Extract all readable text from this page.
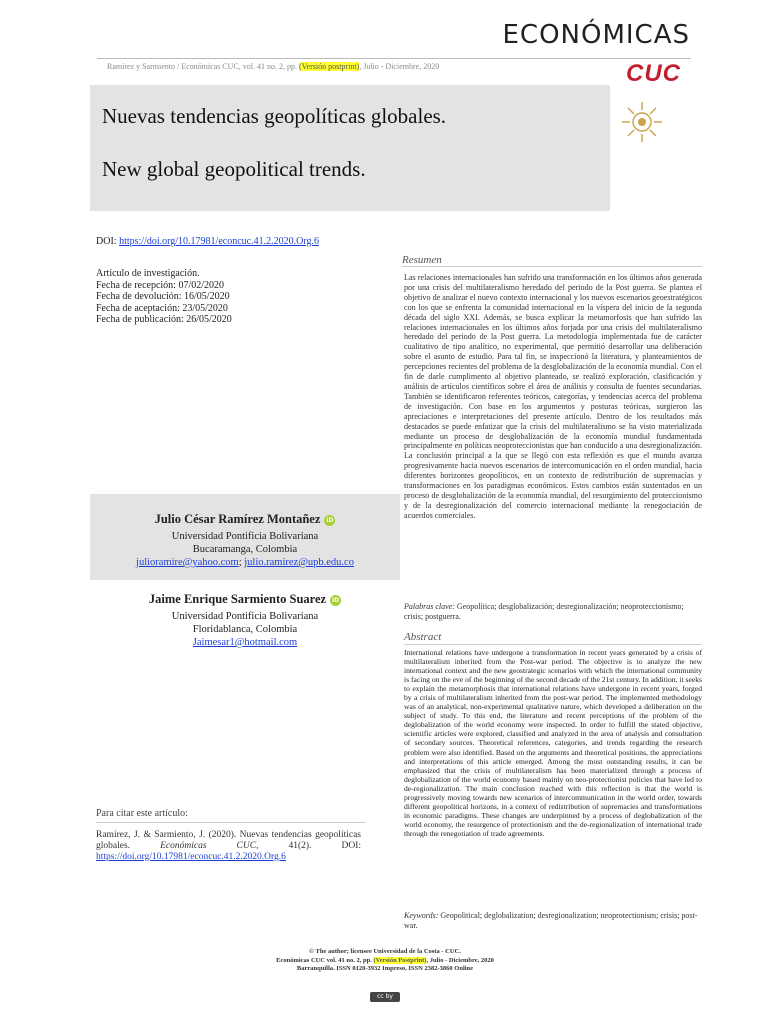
ECONÓMICAS
Ramírez y Sarmiento / Económicas CUC, vol. 41 no. 2, pp. (Versión postprint), Julio - Diciembre, 2020	CUC
Nuevas tendencias geopolíticas globales.
New global geopolitical trends.
DOI: https://doi.org/10.17981/econcuc.41.2.2020.Org.6
Artículo de investigación.
Fecha de recepción: 07/02/2020
Fecha de devolución: 16/05/2020
Fecha de aceptación: 23/05/2020
Fecha de publicación: 26/05/2020
Resumen
Las relaciones internacionales han sufrido una transformación en los últimos años generada por una crisis del multilateralismo heredado del periodo de la Post guerra. Se plantea el objetivo de analizar el nuevo contexto internacional y los nuevos escenarios geoestratégicos con los que se enfrenta la comunidad internacional en la víspera del inicio de la segunda década del siglo XXI. Además, se busca explicar la metamorfosis que han sufrido las relaciones internacionales en los últimos años forjada por una crisis del multilateralismo heredado del periodo de la Post guerra. La metodología implementada fue de carácter cualitativo de tipo analítico, no experimental, que permitió desarrollar una deliberación sobre el asunto de estudio. Para tal fin, se inspeccionó la literatura, y planteamientos de percepciones recientes del problema de la desglobalización de la economía mundial. Con el fin de darle cumplimento al objetivo planteado, se realizó exploración, clasificación y análisis de artículos científicos sobre el área de análisis y consulta de fuentes secundarias. También se identificaron referentes teóricos, categorías, y tendencias acerca del problema de investigación. Con base en los argumentos y posturas teóricas, surgieron las apreciaciones e interpretaciones del presente artículo. Dentro de los resultados más destacados se puede enfatizar que la crisis del multilateralismo se ha visto materializada mediante un proceso de desglobalización de la economía mundial fundamentada principalmente en políticas neoproteccionistas que han conducido a una desregionalización. La conclusión principal a la que se llegó con esta reflexión es que el mundo avanza progresivamente hacia nuevos escenarios de intercomunicación en el orden mundial, hacia diferentes horizontes geopolíticos, en un contexto de redistribución de supremacías y transformaciones en los paradigmas económicos. Estos cambios están sustentados en un proceso de desglobalización de la economía mundial, del resurgimiento del proteccionismo y de la desregionalización del comercio internacional mediante la renegociación de acuerdos comerciales.
Palabras clave: Geopolítica; desglobalización; desregionalización; neoproteccionismo; crisis; postguerra.
Abstract
International relations have undergone a transformation in recent years generated by a crisis of multilateralism inherited from the Post-war period. The objective is to analyze the new international context and the new geostrategic scenarios with which the international community is facing on the eve of the beginning of the second decade of the 21st century. In addition, it seeks to explain the metamorphosis that international relations have undergone in recent years, forged by a crisis of multilateralism inherited from the post-war period. The implemented methodology was of an analytical, non-experimental qualitative nature, which developed a deliberation on the subject of study. To this end, the literature and recent perceptions of the problem of the deglobalization of the world economy were inspected. In order to fulfill the stated objective, scientific articles were explored, classified and analyzed in the area of analysis and consultation of secondary sources. Theoretical references, categories, and trends regarding the research problem were also identified. Based on the arguments and theoretical positions, the appreciations and interpretations of this article emerged. Among the most outstanding results, it can be emphasized that the crisis of multilateralism has been materialized through a process of deglobalization of the world economy based mainly on neo-protectionist policies that have led to de-regionalization. The main conclusion reached with this reflection is that the world is progressively moving towards new scenarios of intercommunication in the world order, towards different geopolitical horizons, in a context of redistribution of supremacies and transformations in economic paradigms. These changes are underpinned by a process of deglobalization of the world economy, the resurgence of protectionism and the de-regionalization of international trade through the renegotiation of trade agreements.
Keywords: Geopolitical; deglobalization; desregionalization; neoprotectionism; crisis; post-war.
Julio César Ramírez Montañez iD
Universidad Pontificia Bolivariana
Bucaramanga, Colombia
julioramire@yahoo.com; julio.ramirez@upb.edu.co
Jaime Enrique Sarmiento Suarez iD
Universidad Pontificia Bolivariana
Floridablanca, Colombia
Jaimesar1@hotmail.com
Para citar este artículo:
Ramírez, J. & Sarmiento, J. (2020). Nuevas tendencias geopolíticas globales. Económicas CUC, 41(2). DOI: https://doi.org/10.17981/econcuc.41.2.2020.Org.6
© The author; licensee Universidad de la Costa - CUC.
Económicas CUC vol. 41 no. 2, pp. (Versión Postprint), Julio - Diciembre, 2020
Barranquilla. ISSN 0120-3932 Impreso, ISSN 2382-3860 Online
cc by
